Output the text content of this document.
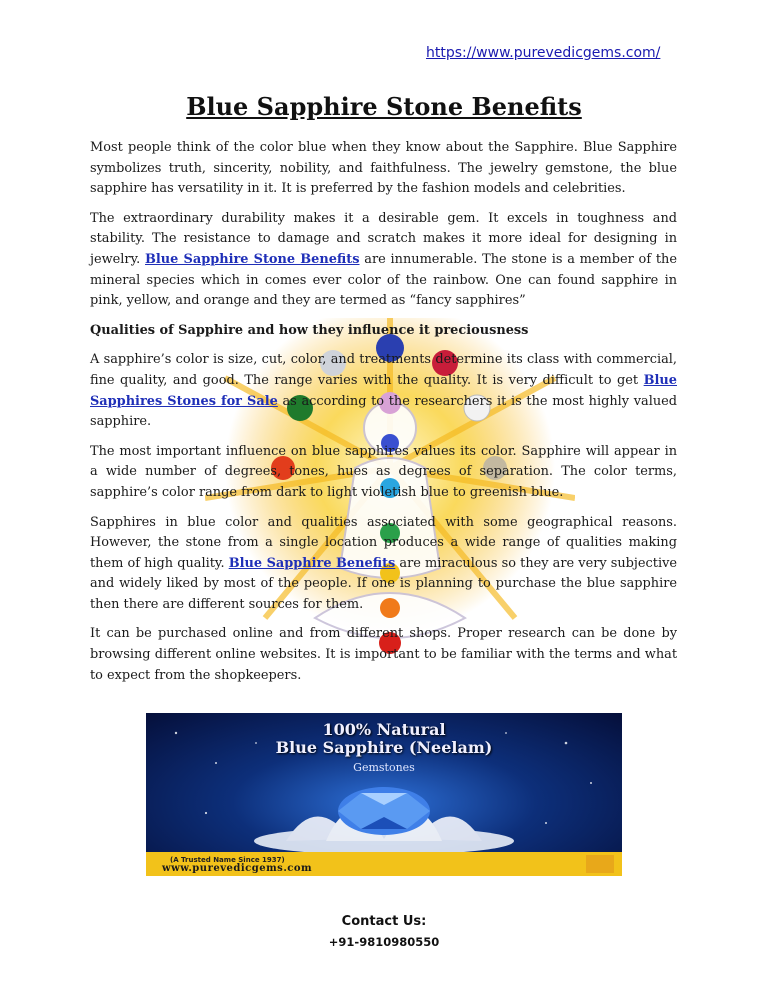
https://www.purevedicgems.com/
Blue Sapphire Stone Benefits

Most people think of the color blue when they know about the Sapphire. Blue Sapphire symbolizes truth, sincerity, nobility, and faithfulness. The jewelry gemstone, the blue sapphire has versatility in it. It is preferred by the fashion models and celebrities.

The extraordinary durability makes it a desirable gem. It excels in toughness and stability. The resistance to damage and scratch makes it more ideal for designing in jewelry. Blue Sapphire Stone Benefits are innumerable. The stone is a member of the mineral species which in comes ever color of the rainbow. One can found sapphire in pink, yellow, and orange and they are termed as “fancy sapphires”

Qualities of Sapphire and how they influence it preciousness

A sapphire’s color is size, cut, color, and treatments determine its class with commercial, fine quality, and good. The range varies with the quality. It is very difficult to get Blue Sapphires Stones for Sale as according to the researchers it is the most highly valued sapphire.

The most important influence on blue sapphires values its color. Sapphire will appear in a wide number of degrees, tones, hues as degrees of separation. The color terms, sapphire’s color range from dark to light violetish blue to greenish blue.

Sapphires in blue color and qualities associated with some geographical reasons. However, the stone from a single location produces a wide range of qualities making them of high quality. Blue Sapphire Benefits are miraculous so they are very subjective and widely liked by most of the people. If one is planning to purchase the blue sapphire then there are different sources for them.

It can be purchased online and from different shops. Proper research can be done by browsing different online websites. It is important to be familiar with the terms and what to expect from the shopkeepers.

100% Natural
Blue Sapphire (Neelam)
Gemstones
(A Trusted Name Since 1937)
www.purevedicgems.com
Contact Us:
+91-9810980550
